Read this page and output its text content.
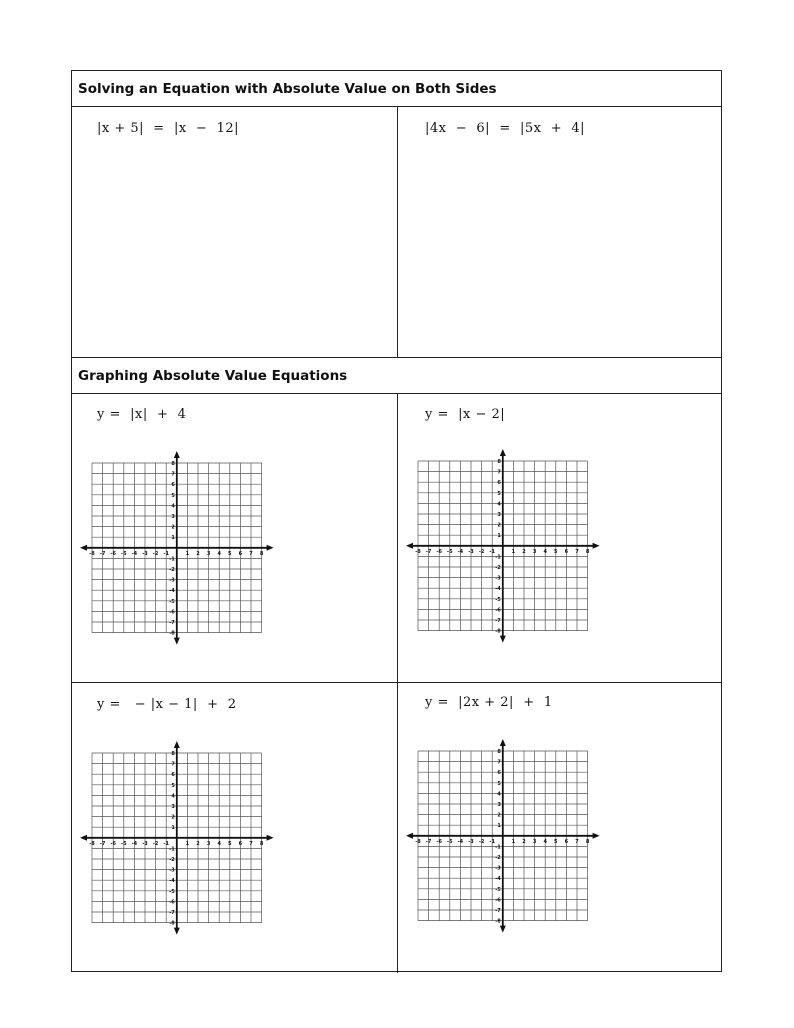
Solving an Equation with Absolute Value on Both Sides
|x + 5|  =  |x  −  12|	|4x  −  6|  =  |5x  +  4|
Graphing Absolute Value Equations
y =  |x|  +  4	y =  |x − 2|
y =   − |x − 1|  +  2	y =  |2x + 2|  +  1
-8 -7 -6 -5 -4 -3 -2 -1	1 2 3 4 5 6 7 8
8
7
6
5
4
3
2
1
-1
-2
-3
-4
-5
-6
-7
-8
-8 -7 -6 -5 -4 -3 -2 -1	1 2 3 4 5 6 7 8
8
7
6
5
4
3
2
1
-1
-2
-3
-4
-5
-6
-7
-8
-8 -7 -6 -5 -4 -3 -2 -1	1 2 3 4 5 6 7 8
8
7
6
5
4
3
2
1
-1
-2
-3
-4
-5
-6
-7
-8
-8 -7 -6 -5 -4 -3 -2 -1	1 2 3 4 5 6 7 8
8
7
6
5
4
3
2
1
-1
-2
-3
-4
-5
-6
-7
-8
